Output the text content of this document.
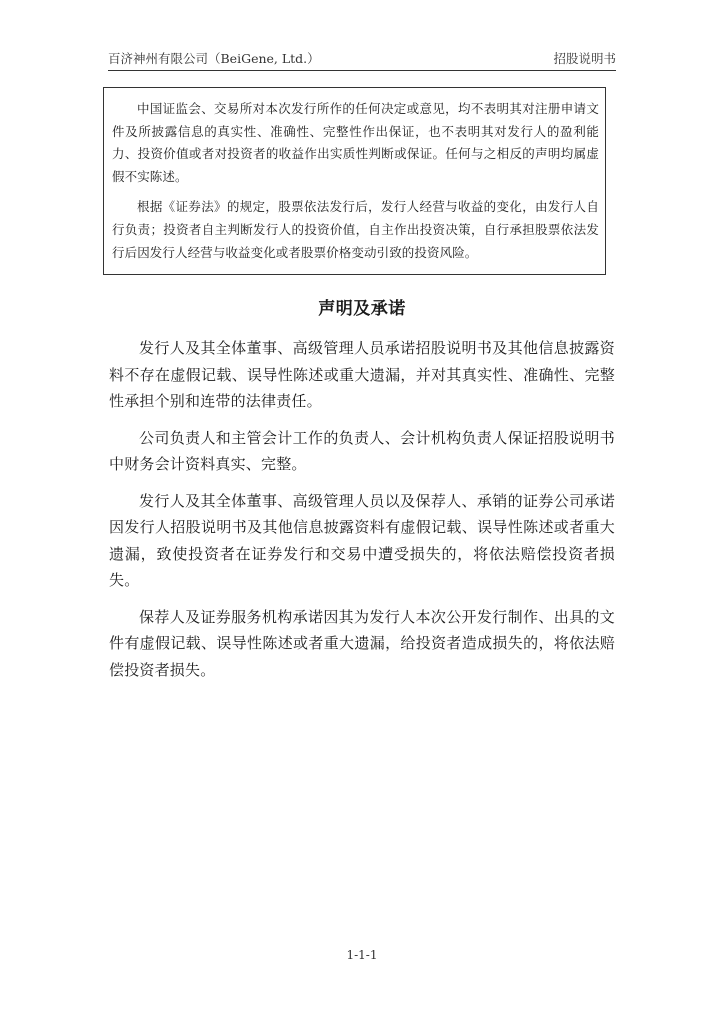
百济神州有限公司（BeiGene, Ltd.）	招股说明书

中国证监会、交易所对本次发行所作的任何决定或意见，均不表明其对注册申请文件及所披露信息的真实性、准确性、完整性作出保证，也不表明其对发行人的盈利能力、投资价值或者对投资者的收益作出实质性判断或保证。任何与之相反的声明均属虚假不实陈述。

根据《证券法》的规定，股票依法发行后，发行人经营与收益的变化，由发行人自行负责；投资者自主判断发行人的投资价值，自主作出投资决策，自行承担股票依法发行后因发行人经营与收益变化或者股票价格变动引致的投资风险。

声明及承诺

发行人及其全体董事、高级管理人员承诺招股说明书及其他信息披露资料不存在虚假记载、误导性陈述或重大遗漏，并对其真实性、准确性、完整性承担个别和连带的法律责任。

公司负责人和主管会计工作的负责人、会计机构负责人保证招股说明书中财务会计资料真实、完整。

发行人及其全体董事、高级管理人员以及保荐人、承销的证券公司承诺因发行人招股说明书及其他信息披露资料有虚假记载、误导性陈述或者重大遗漏，致使投资者在证券发行和交易中遭受损失的，将依法赔偿投资者损失。

保荐人及证券服务机构承诺因其为发行人本次公开发行制作、出具的文件有虚假记载、误导性陈述或者重大遗漏，给投资者造成损失的，将依法赔偿投资者损失。

1-1-1
